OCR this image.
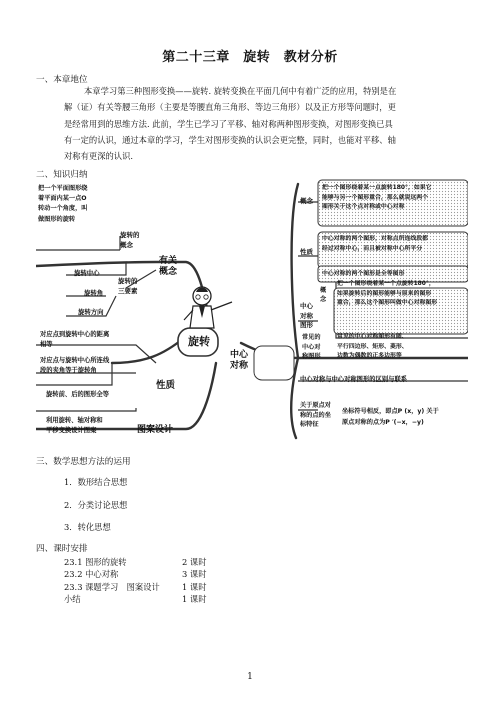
第二十三章　旋转　教材分析
一、本章地位
本章学习第三种图形变换——旋转. 旋转变换在平面几何中有着广泛的应用，特别是在
解（证）有关等腰三角形（主要是等腰直角三角形、等边三角形）以及正方形等问题时，更
是经常用到的思维方法. 此前，学生已学习了平移、轴对称两种图形变换，对图形变换已具
有一定的认识，通过本章的学习，学生对图形变换的认识会更完整，同时，也能对平移、轴
对称有更深的认识.
二、知识归纳
把一个平面图形绕
着平面内某一点O
转动一个角度，叫
做图形的旋转
旋转的
概念
有关
概念
旋转中心
旋转的
三要素
旋转角
旋转方向
对应点到旋转中心的距离
相等
对应点与旋转中心所连线
段的夹角等于旋转角
旋转前、后的图形全等
性质
利用旋转、轴对称和
平移变换设计图案	图案设计
旋转
中心
对称
概念
把一个图形绕着某一点旋转180°，如果它
能够与另一个图形重合，那么就说这两个
图形关于这个点对称或中心对称
性质
中心对称的两个图形，对称点所连线段都
经过对称中心，而且被对称中心所平分
中心对称的两个图形是全等图形
中心
对称
图形
概
念
把一个图形绕着某一个点旋转180°，
如果旋转后的图形能够与原来的图形
重合，那么这个图形叫做中心对称图形
常见的
中心对
称图形
常见的中心对称图形有圆、
平行四边形、矩形、菱形、
边数为偶数的正多边形等
中心对称与中心对称图形的区别与联系
关于原点对
称的点的坐
标特征
坐标符号相反，即点P (x，y) 关于
原点对称的点为P ′(−x，−y)
三、数学思想方法的运用
1．数形结合思想
2．分类讨论思想
3．转化思想
四、课时安排
23.1 图形的旋转	2 课时
23.2 中心对称	3 课时
23.3 课题学习　图案设计	1 课时
小结	1 课时
1
